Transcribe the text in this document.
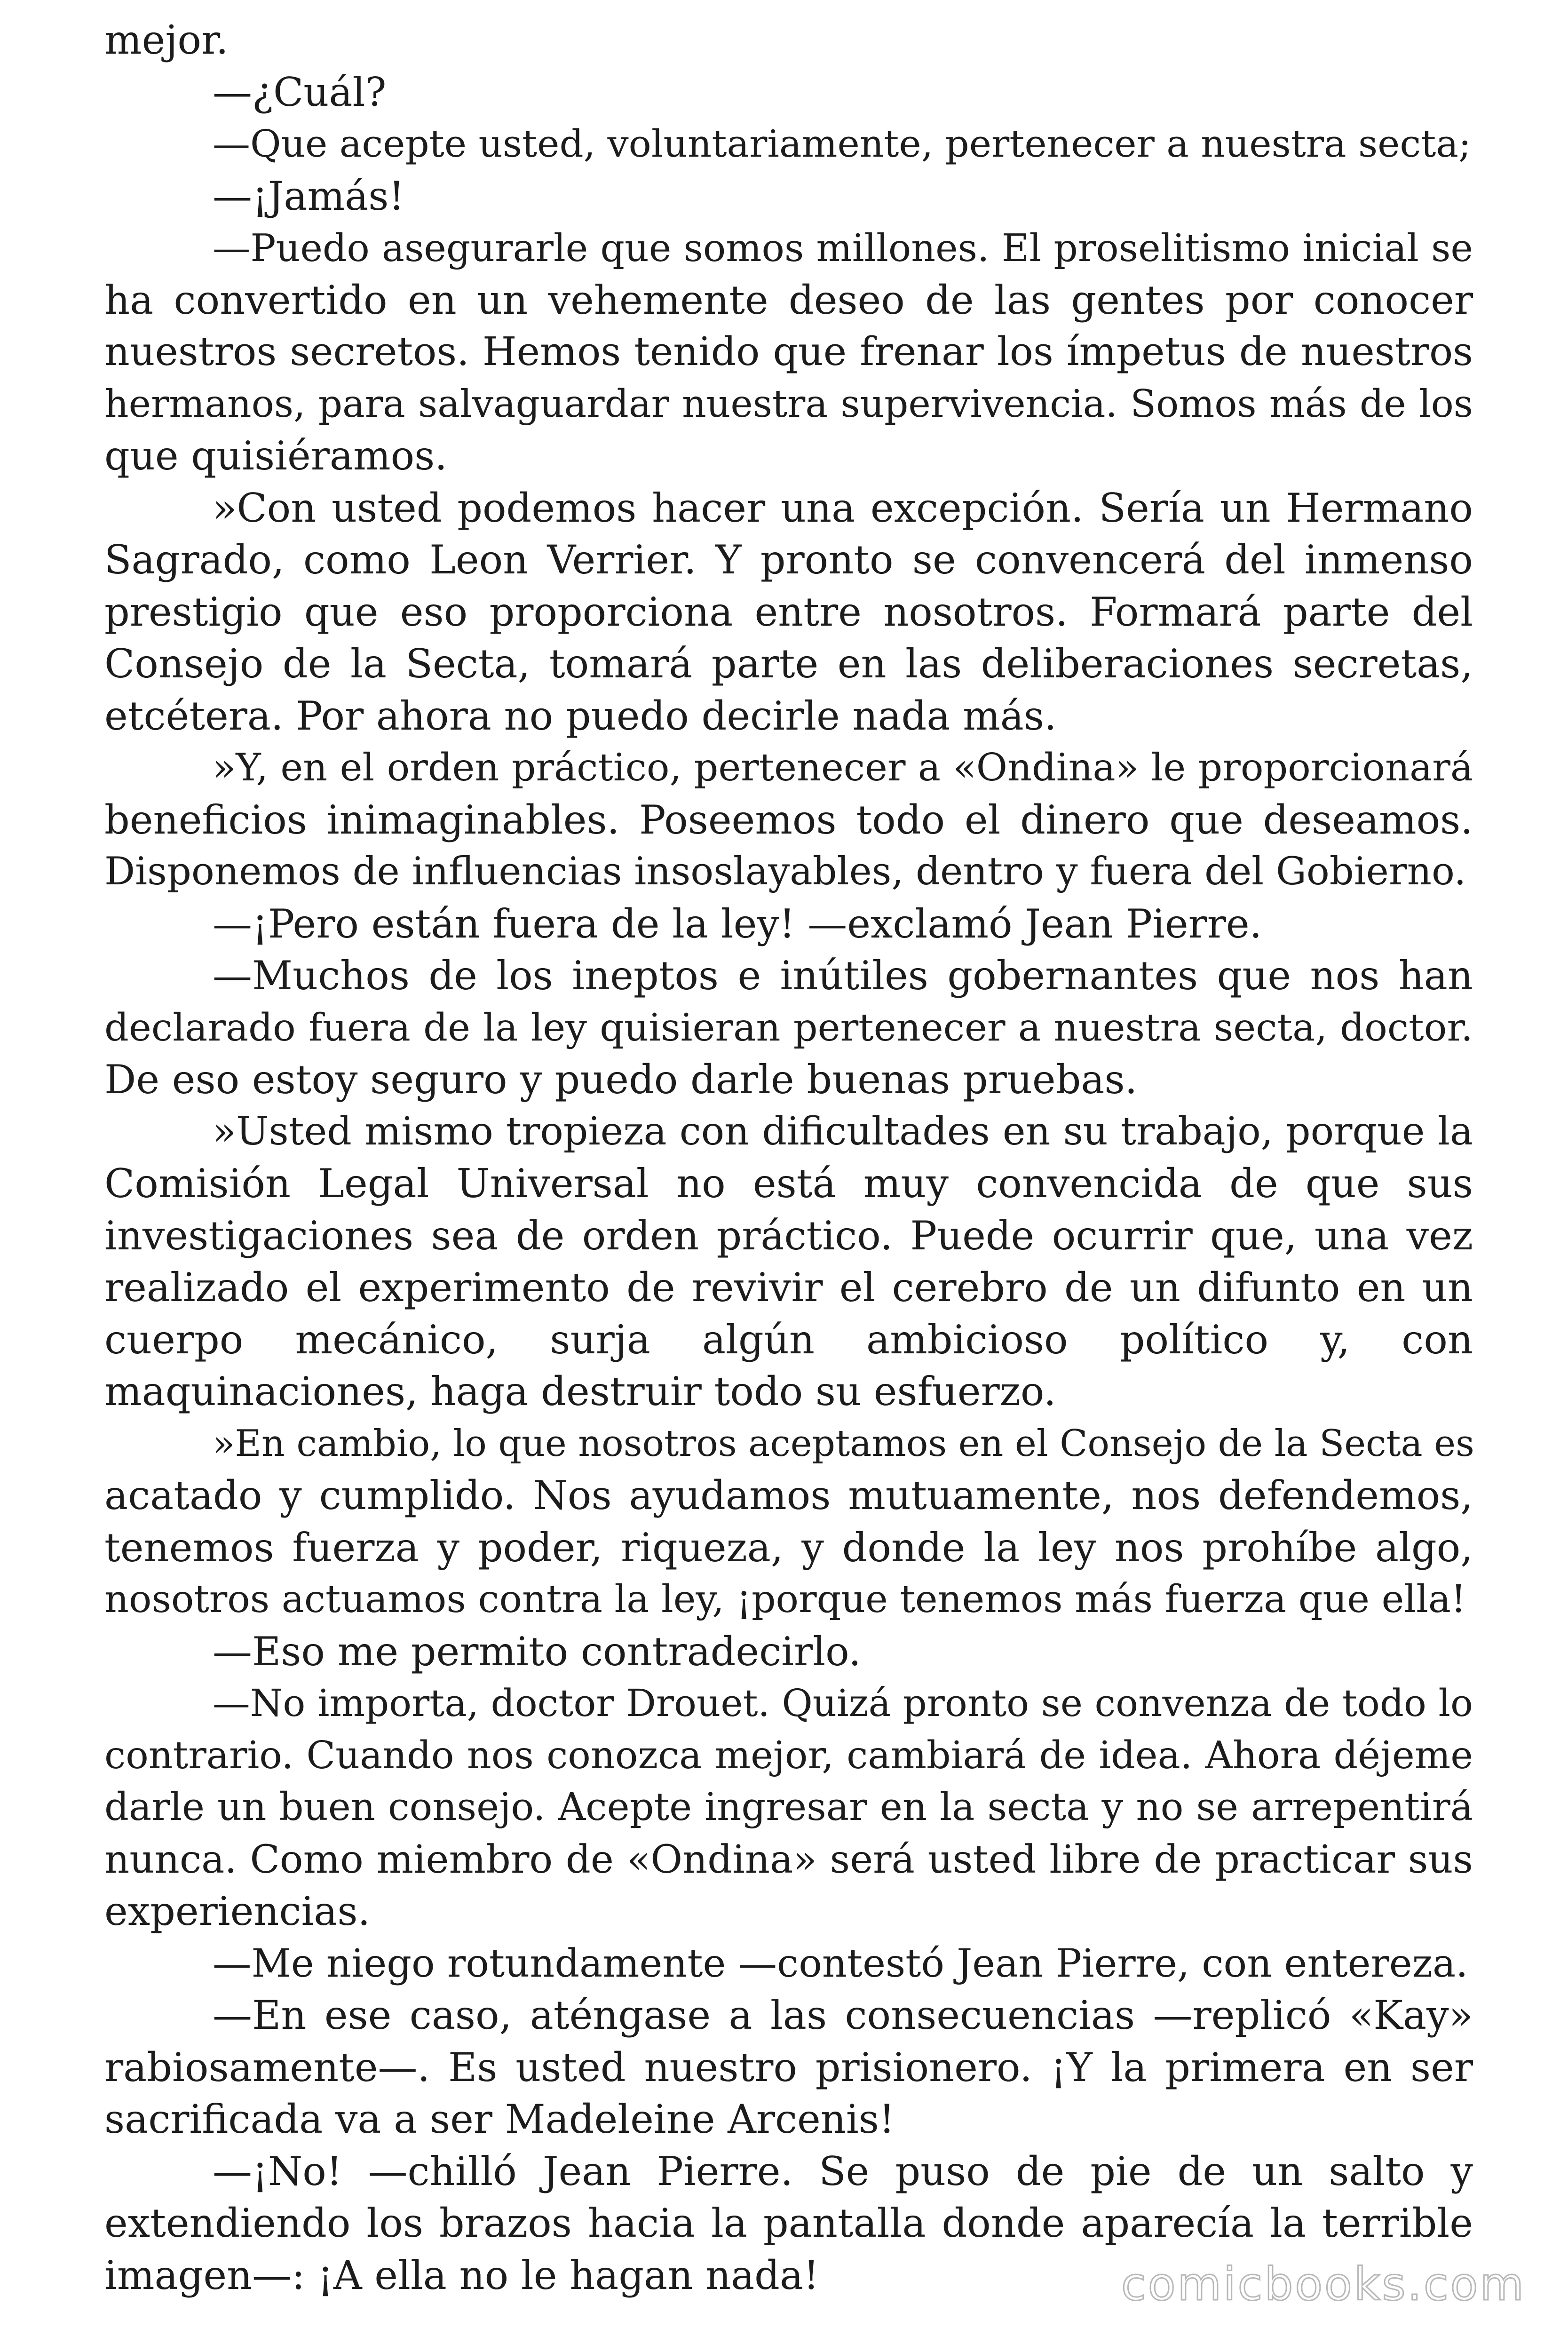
mejor.
—¿Cuál?
—Que acepte usted, voluntariamente, pertenecer a nuestra secta;
—¡Jamás!
—Puedo asegurarle que somos millones. El proselitismo inicial se
ha convertido en un vehemente deseo de las gentes por conocer
nuestros secretos. Hemos tenido que frenar los ímpetus de nuestros
hermanos, para salvaguardar nuestra supervivencia. Somos más de los
que quisiéramos.
»Con usted podemos hacer una excepción. Sería un Hermano
Sagrado, como Leon Verrier. Y pronto se convencerá del inmenso
prestigio que eso proporciona entre nosotros. Formará parte del
Consejo de la Secta, tomará parte en las deliberaciones secretas,
etcétera. Por ahora no puedo decirle nada más.
»Y, en el orden práctico, pertenecer a «Ondina» le proporcionará
beneficios inimaginables. Poseemos todo el dinero que deseamos.
Disponemos de influencias insoslayables, dentro y fuera del Gobierno.
—¡Pero están fuera de la ley! —exclamó Jean Pierre.
—Muchos de los ineptos e inútiles gobernantes que nos han
declarado fuera de la ley quisieran pertenecer a nuestra secta, doctor.
De eso estoy seguro y puedo darle buenas pruebas.
»Usted mismo tropieza con dificultades en su trabajo, porque la
Comisión Legal Universal no está muy convencida de que sus
investigaciones sea de orden práctico. Puede ocurrir que, una vez
realizado el experimento de revivir el cerebro de un difunto en un
cuerpo mecánico, surja algún ambicioso político y, con
maquinaciones, haga destruir todo su esfuerzo.
»En cambio, lo que nosotros aceptamos en el Consejo de la Secta es
acatado y cumplido. Nos ayudamos mutuamente, nos defendemos,
tenemos fuerza y poder, riqueza, y donde la ley nos prohíbe algo,
nosotros actuamos contra la ley, ¡porque tenemos más fuerza que ella!
—Eso me permito contradecirlo.
—No importa, doctor Drouet. Quizá pronto se convenza de todo lo
contrario. Cuando nos conozca mejor, cambiará de idea. Ahora déjeme
darle un buen consejo. Acepte ingresar en la secta y no se arrepentirá
nunca. Como miembro de «Ondina» será usted libre de practicar sus
experiencias.
—Me niego rotundamente —contestó Jean Pierre, con entereza.
—En ese caso, aténgase a las consecuencias —replicó «Kay»
rabiosamente—. Es usted nuestro prisionero. ¡Y la primera en ser
sacrificada va a ser Madeleine Arcenis!
—¡No! —chilló Jean Pierre. Se puso de pie de un salto y
extendiendo los brazos hacia la pantalla donde aparecía la terrible
imagen—: ¡A ella no le hagan nada!	comicbooks.com
